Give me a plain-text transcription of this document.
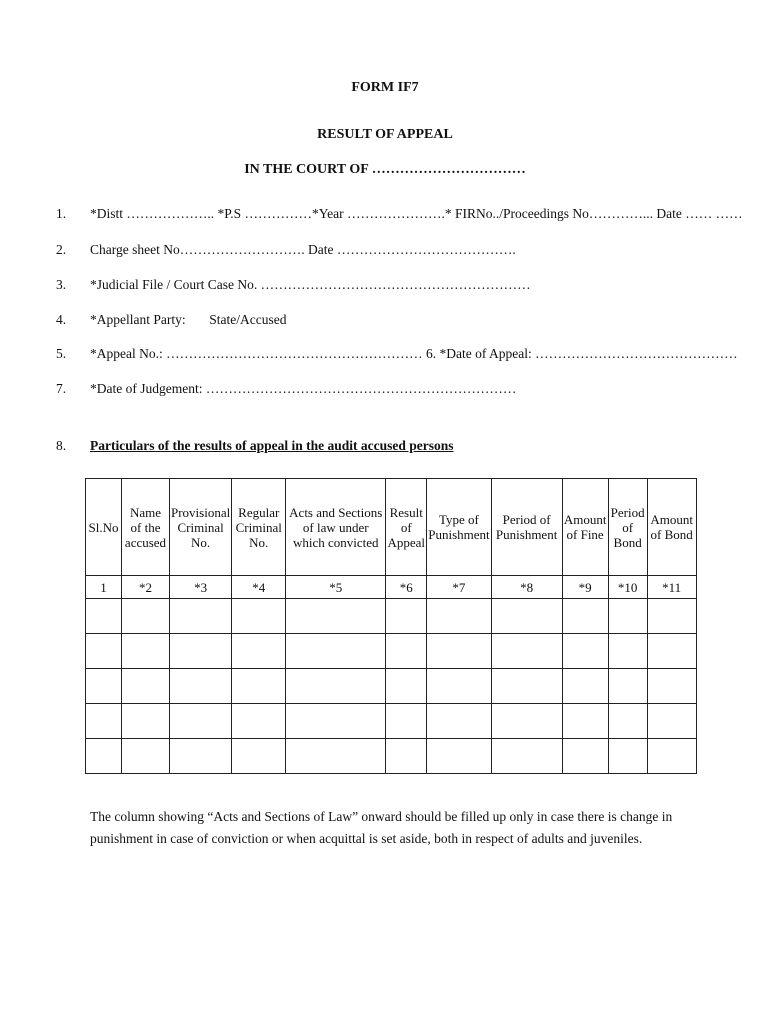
FORM IF7
RESULT OF APPEAL
IN THE COURT OF ……………………………
1. *Distt ……………….. *P.S ……………*Year ………………….* FIRNo../Proceedings No…………... Date …… ……
2. Charge sheet No………………………. Date ………………………………….
3. *Judicial File / Court Case No. ……………………………………………………
4. *Appellant Party:       State/Accused
5. *Appeal No.: ………………………………………………… 6. *Date of Appeal: ………………………………………
7. *Date of Judgement: ……………………………………………………………
8. Particulars of the results of appeal in the audit accused persons
Sl.No	Name of the accused	Provisional Criminal No.	Regular Criminal No.	Acts and Sections of law under which convicted	Result of Appeal	Type of Punishment	Period of Punishment	Amount of Fine	Period of Bond	Amount of Bond
1	*2	*3	*4	*5	*6	*7	*8	*9	*10	*11

The column showing “Acts and Sections of Law” onward should be filled up only in case there is change in punishment in case of conviction or when acquittal is set aside, both in respect of adults and juveniles.
